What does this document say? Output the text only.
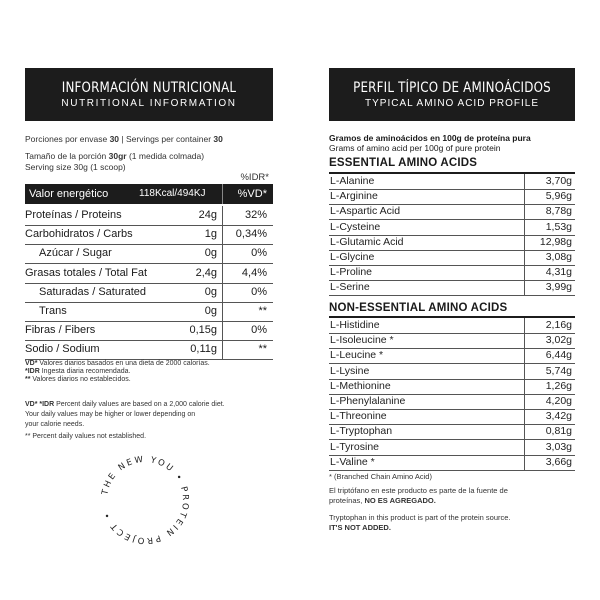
INFORMACIÓN NUTRICIONAL
NUTRITIONAL INFORMATION
Porciones por envase 30 | Servings per container 30
Tamaño de la porción 30gr (1 medida colmada)
Serving size 30g (1 scoop)
%IDR*
Valor energético	118Kcal/494KJ	%VD*
Proteínas / Proteins	24g	32%
Carbohidratos / Carbs	1g 0,34%
Azúcar / Sugar	0g	0%
Grasas totales / Total Fat	2,4g 4,4%
Saturadas / Saturated	0g	0%
Trans	0g	**
Fibras / Fibers	0,15g	0%
Sodio / Sodium	0,11g	**
VD* Valores diarios basados en una dieta de 2000 calorías.
*IDR Ingesta diaria recomendada.
** Valores diarios no establecidos.
VD* *IDR Percent daily values are based on a 2,000 calorie diet.
Your daily values may be higher or lower depending on
your calorie needs.
** Percent daily values not established.
THE NEW YOU • PROTEIN PROJECT •
PERFIL TÍPICO DE AMINOÁCIDOS
TYPICAL AMINO ACID PROFILE
Gramos de aminoácidos en 100g de proteína pura
Grams of amino acid per 100g of pure protein
ESSENTIAL AMINO ACIDS
L-Alanine	3,70g
L-Arginine	5,96g
L-Aspartic Acid	8,78g
L-Cysteine	1,53g
L-Glutamic Acid	12,98g
L-Glycine	3,08g
L-Proline	4,31g
L-Serine	3,99g
NON-ESSENTIAL AMINO ACIDS
L-Histidine	2,16g
L-Isoleucine *	3,02g
L-Leucine *	6,44g
L-Lysine	5,74g
L-Methionine	1,26g
L-Phenylalanine	4,20g
L-Threonine	3,42g
L-Tryptophan	0,81g
L-Tyrosine	3,03g
L-Valine *	3,66g
* (Branched Chain Amino Acid)
El triptófano en este producto es parte de la fuente de
proteínas, NO ES AGREGADO.
Tryptophan in this product is part of the protein source.
IT'S NOT ADDED.
